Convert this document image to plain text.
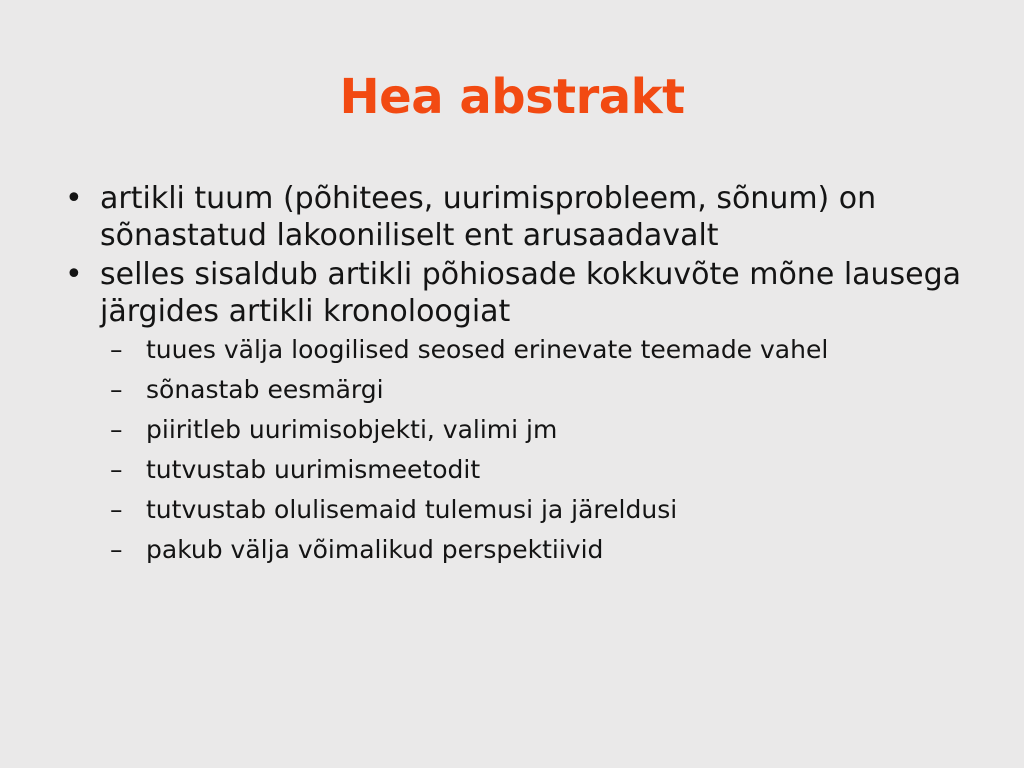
Hea abstrakt
• artikli tuum (põhitees, uurimisprobleem, sõnum) on sõnastatud lakooniliselt ent arusaadavalt
• selles sisaldub artikli põhiosade kokkuvõte mõne lausega järgides artikli kronoloogiat
– tuues välja loogilised seosed erinevate teemade vahel
– sõnastab eesmärgi
– piiritleb uurimisobjekti, valimi jm
– tutvustab uurimismeetodit
– tutvustab olulisemaid tulemusi ja järeldusi
– pakub välja võimalikud perspektiivid
